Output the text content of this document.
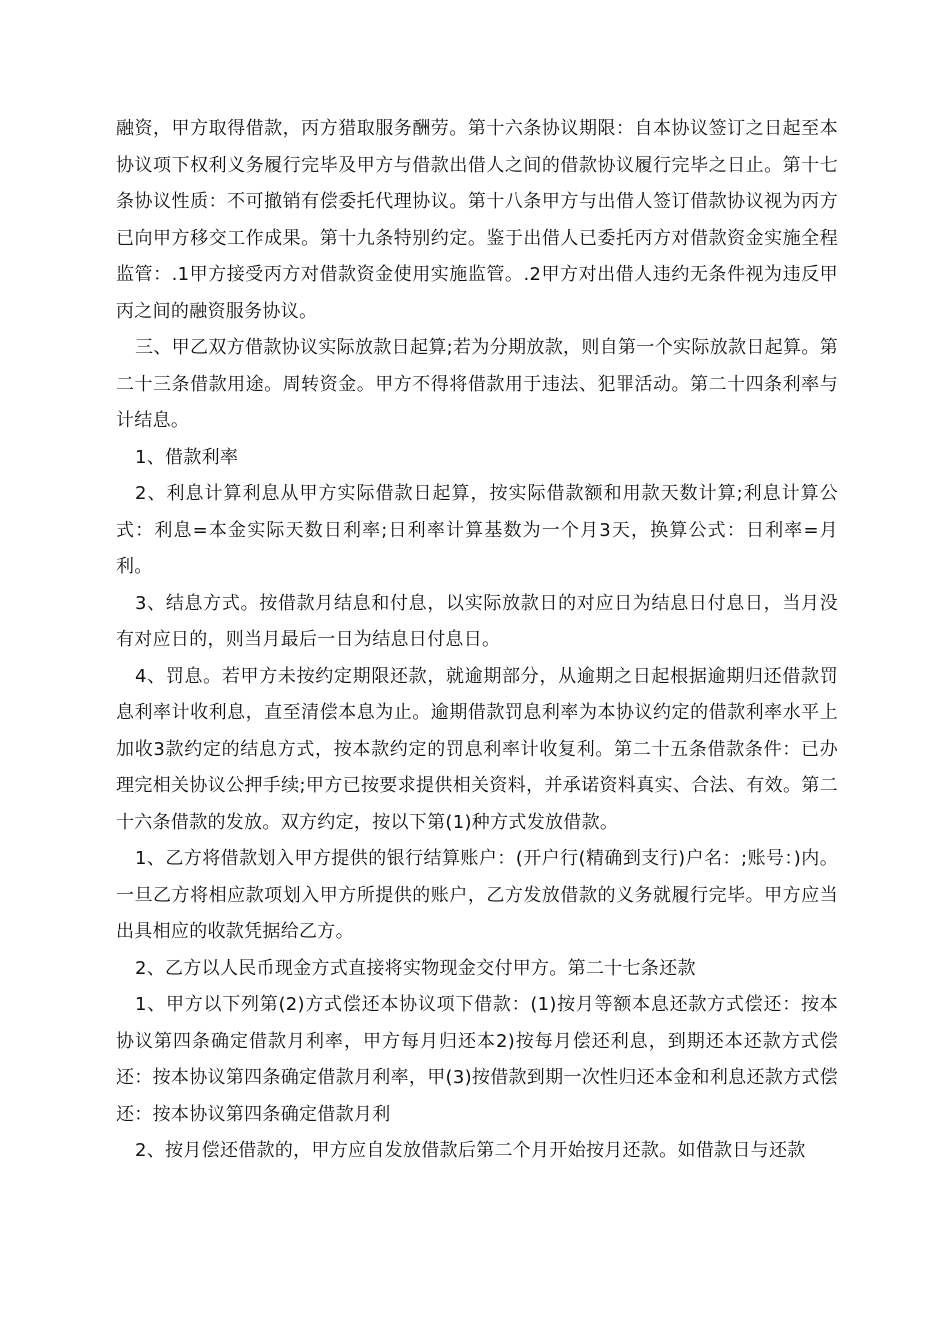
融资，甲方取得借款，丙方猎取服务酬劳。第十六条协议期限：自本协议签订之日起至本协议项下权利义务履行完毕及甲方与借款出借人之间的借款协议履行完毕之日止。第十七条协议性质：不可撤销有偿委托代理协议。第十八条甲方与出借人签订借款协议视为丙方已向甲方移交工作成果。第十九条特别约定。鉴于出借人已委托丙方对借款资金实施全程监管：.1甲方接受丙方对借款资金使用实施监管。.2甲方对出借人违约无条件视为违反甲丙之间的融资服务协议。

三、甲乙双方借款协议实际放款日起算;若为分期放款，则自第一个实际放款日起算。第二十三条借款用途。周转资金。甲方不得将借款用于违法、犯罪活动。第二十四条利率与计结息。

1、借款利率

2、利息计算利息从甲方实际借款日起算，按实际借款额和用款天数计算;利息计算公式：利息=本金实际天数日利率;日利率计算基数为一个月3天，换算公式：日利率=月利。

3、结息方式。按借款月结息和付息，以实际放款日的对应日为结息日付息日，当月没有对应日的，则当月最后一日为结息日付息日。

4、罚息。若甲方未按约定期限还款，就逾期部分，从逾期之日起根据逾期归还借款罚息利率计收利息，直至清偿本息为止。逾期借款罚息利率为本协议约定的借款利率水平上加收3款约定的结息方式，按本款约定的罚息利率计收复利。第二十五条借款条件：已办理完相关协议公押手续;甲方已按要求提供相关资料，并承诺资料真实、合法、有效。第二十六条借款的发放。双方约定，按以下第(1)种方式发放借款。

1、乙方将借款划入甲方提供的银行结算账户：(开户行(精确到支行)户名：;账号：)内。一旦乙方将相应款项划入甲方所提供的账户，乙方发放借款的义务就履行完毕。甲方应当出具相应的收款凭据给乙方。

2、乙方以人民币现金方式直接将实物现金交付甲方。第二十七条还款

1、甲方以下列第(2)方式偿还本协议项下借款：(1)按月等额本息还款方式偿还：按本协议第四条确定借款月利率，甲方每月归还本2)按每月偿还利息，到期还本还款方式偿还：按本协议第四条确定借款月利率，甲(3)按借款到期一次性归还本金和利息还款方式偿还：按本协议第四条确定借款月利

2、按月偿还借款的，甲方应自发放借款后第二个月开始按月还款。如借款日与还款
